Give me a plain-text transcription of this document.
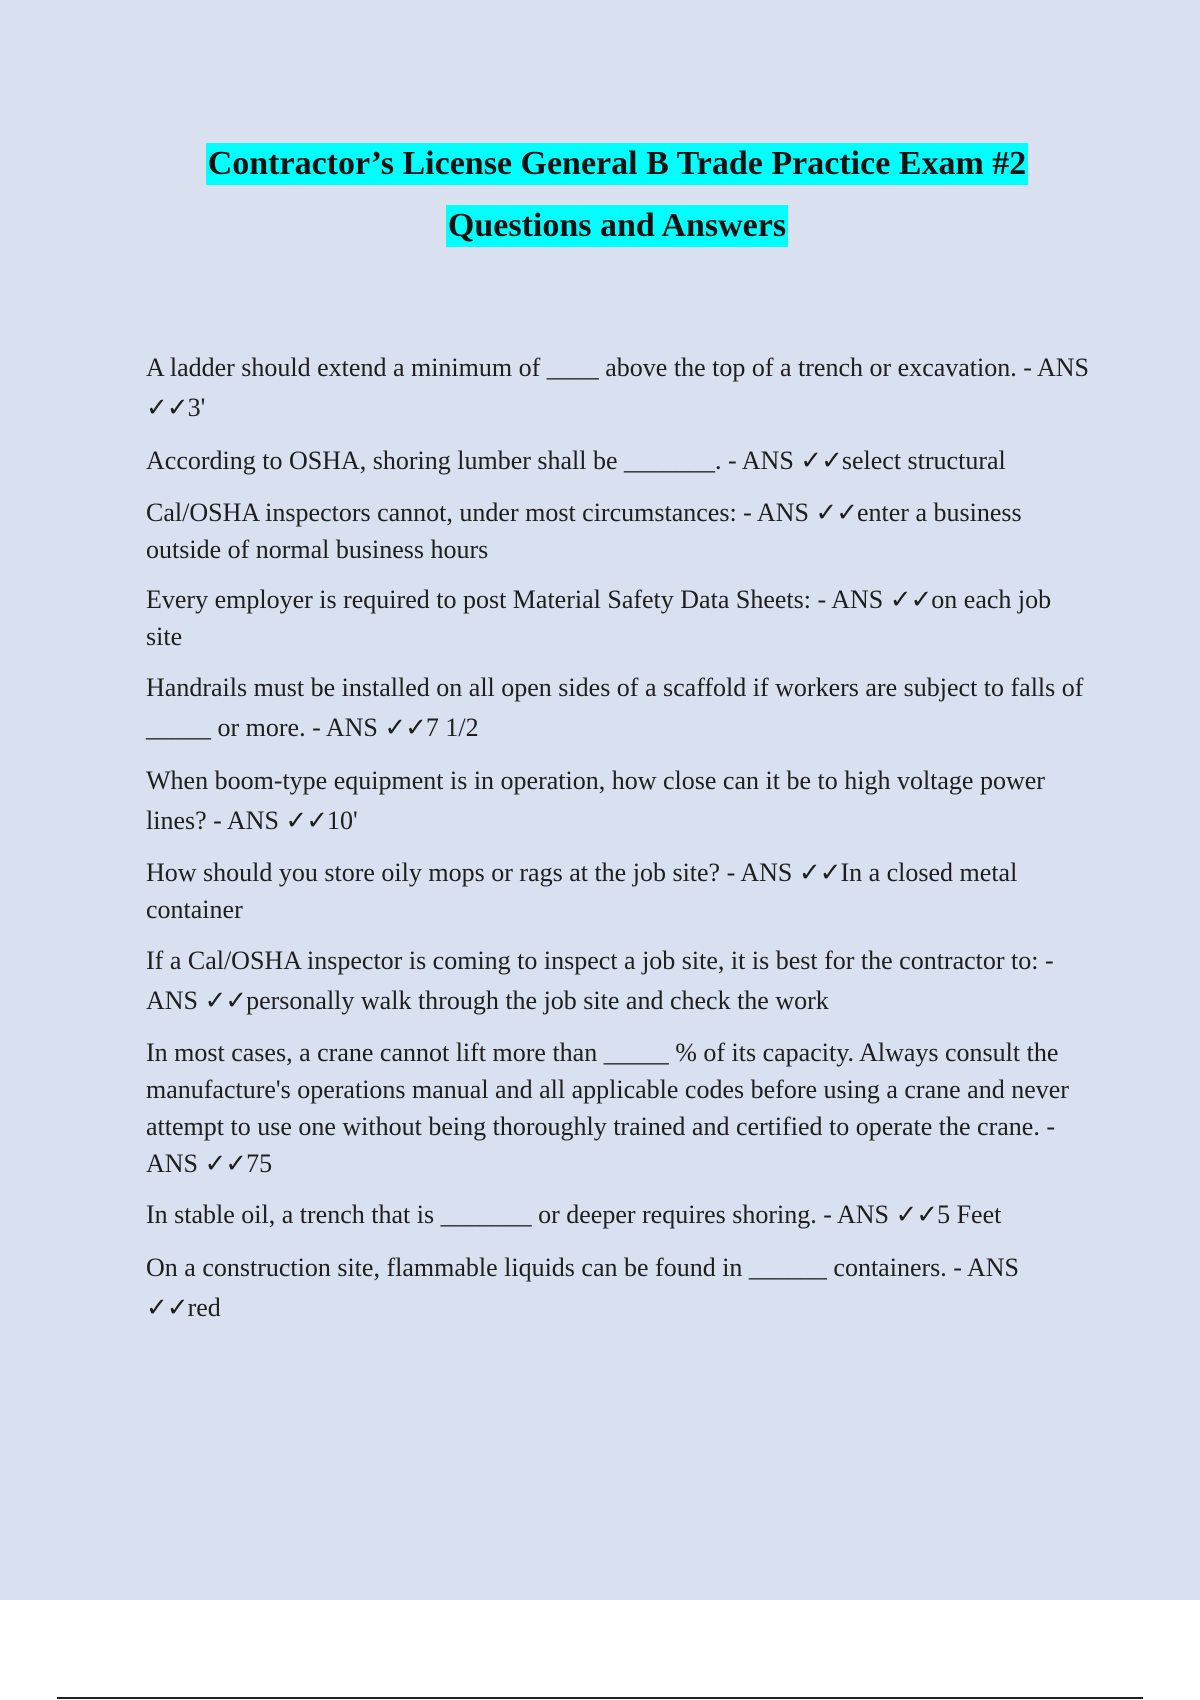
Contractor’s License General B Trade Practice Exam #2
Questions and Answers
A ladder should extend a minimum of ____ above the top of a trench or excavation. - ANS ✓✓3'
According to OSHA, shoring lumber shall be _______. - ANS ✓✓select structural
Cal/OSHA inspectors cannot, under most circumstances: - ANS ✓✓enter a business outside of normal business hours
Every employer is required to post Material Safety Data Sheets: - ANS ✓✓on each job site
Handrails must be installed on all open sides of a scaffold if workers are subject to falls of _____ or more. - ANS ✓✓7 1/2
When boom-type equipment is in operation, how close can it be to high voltage power lines? - ANS ✓✓10'
How should you store oily mops or rags at the job site? - ANS ✓✓In a closed metal container
If a Cal/OSHA inspector is coming to inspect a job site, it is best for the contractor to: - ANS ✓✓personally walk through the job site and check the work
In most cases, a crane cannot lift more than _____ % of its capacity. Always consult the manufacture's operations manual and all applicable codes before using a crane and never attempt to use one without being thoroughly trained and certified to operate the crane. - ANS ✓✓75
In stable oil, a trench that is _______ or deeper requires shoring. - ANS ✓✓5 Feet
On a construction site, flammable liquids can be found in ______ containers. - ANS ✓✓red
